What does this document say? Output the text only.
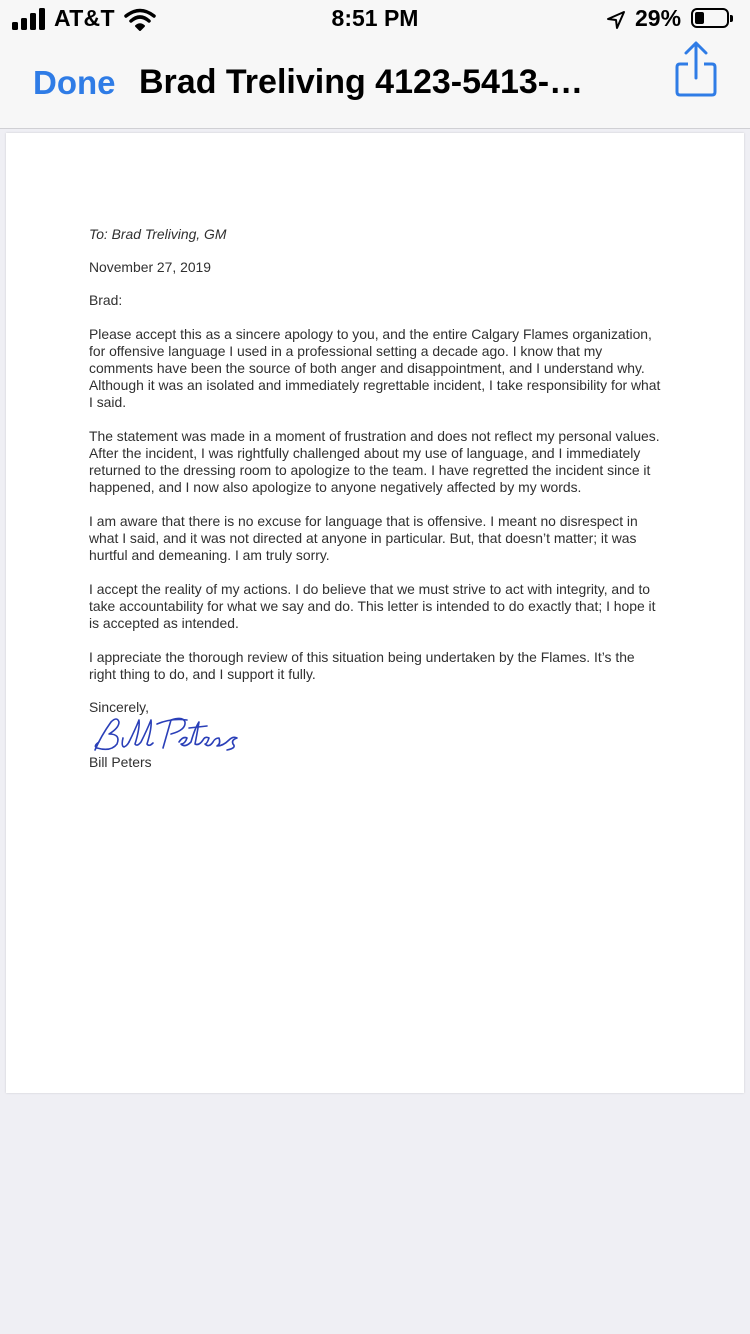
AT&T	8:51 PM	29%
Done Brad Treliving 4123-5413-…

To: Brad Treliving, GM

November 27, 2019

Brad:

Please accept this as a sincere apology to you, and the entire Calgary Flames organization, for offensive language I used in a professional setting a decade ago. I know that my comments have been the source of both anger and disappointment, and I understand why. Although it was an isolated and immediately regrettable incident, I take responsibility for what I said.

The statement was made in a moment of frustration and does not reflect my personal values. After the incident, I was rightfully challenged about my use of language, and I immediately returned to the dressing room to apologize to the team. I have regretted the incident since it happened, and I now also apologize to anyone negatively affected by my words.

I am aware that there is no excuse for language that is offensive. I meant no disrespect in what I said, and it was not directed at anyone in particular. But, that doesn’t matter; it was hurtful and demeaning. I am truly sorry.

I accept the reality of my actions. I do believe that we must strive to act with integrity, and to take accountability for what we say and do. This letter is intended to do exactly that; I hope it is accepted as intended.

I appreciate the thorough review of this situation being undertaken by the Flames. It’s the right thing to do, and I support it fully.

Sincerely,

Bill Peters
